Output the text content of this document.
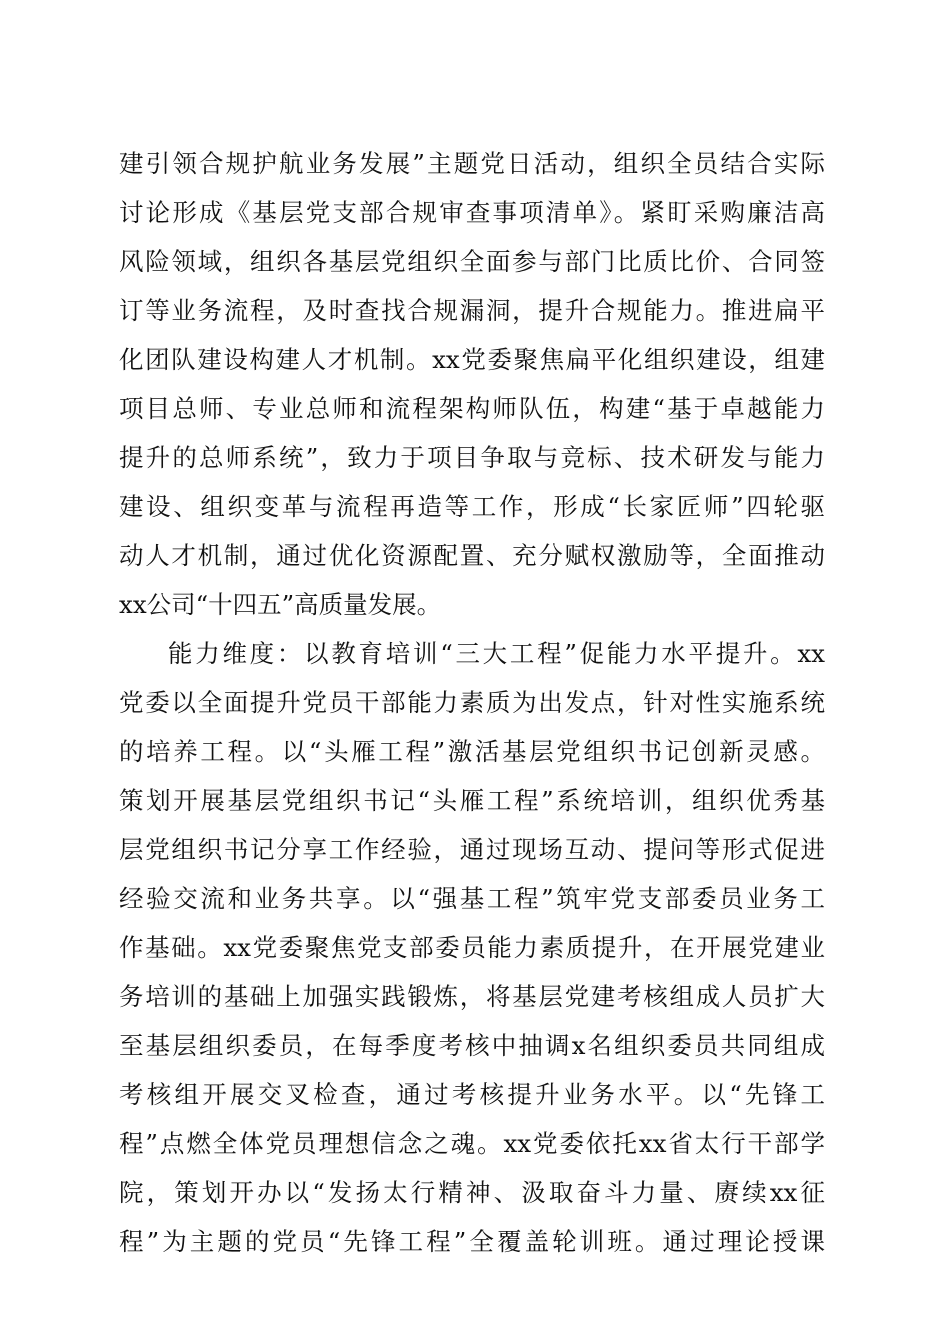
建引领合规护航业务发展”主题党日活动，组织全员结合实际
讨论形成《基层党支部合规审查事项清单》。紧盯采购廉洁高
风险领域，组织各基层党组织全面参与部门比质比价、合同签
订等业务流程，及时查找合规漏洞，提升合规能力。推进扁平
化团队建设构建人才机制。xx党委聚焦扁平化组织建设，组建
项目总师、专业总师和流程架构师队伍，构建“基于卓越能力
提升的总师系统”，致力于项目争取与竞标、技术研发与能力
建设、组织变革与流程再造等工作，形成“长家匠师”四轮驱
动人才机制，通过优化资源配置、充分赋权激励等，全面推动
xx公司“十四五”高质量发展。
能力维度：以教育培训“三大工程”促能力水平提升。xx
党委以全面提升党员干部能力素质为出发点，针对性实施系统
的培养工程。以“头雁工程”激活基层党组织书记创新灵感。
策划开展基层党组织书记“头雁工程”系统培训，组织优秀基
层党组织书记分享工作经验，通过现场互动、提问等形式促进
经验交流和业务共享。以“强基工程”筑牢党支部委员业务工
作基础。xx党委聚焦党支部委员能力素质提升，在开展党建业
务培训的基础上加强实践锻炼，将基层党建考核组成人员扩大
至基层组织委员，在每季度考核中抽调x名组织委员共同组成
考核组开展交叉检查，通过考核提升业务水平。以“先锋工
程”点燃全体党员理想信念之魂。xx党委依托xx省太行干部学
院，策划开办以“发扬太行精神、汲取奋斗力量、赓续xx征
程”为主题的党员“先锋工程”全覆盖轮训班。通过理论授课
